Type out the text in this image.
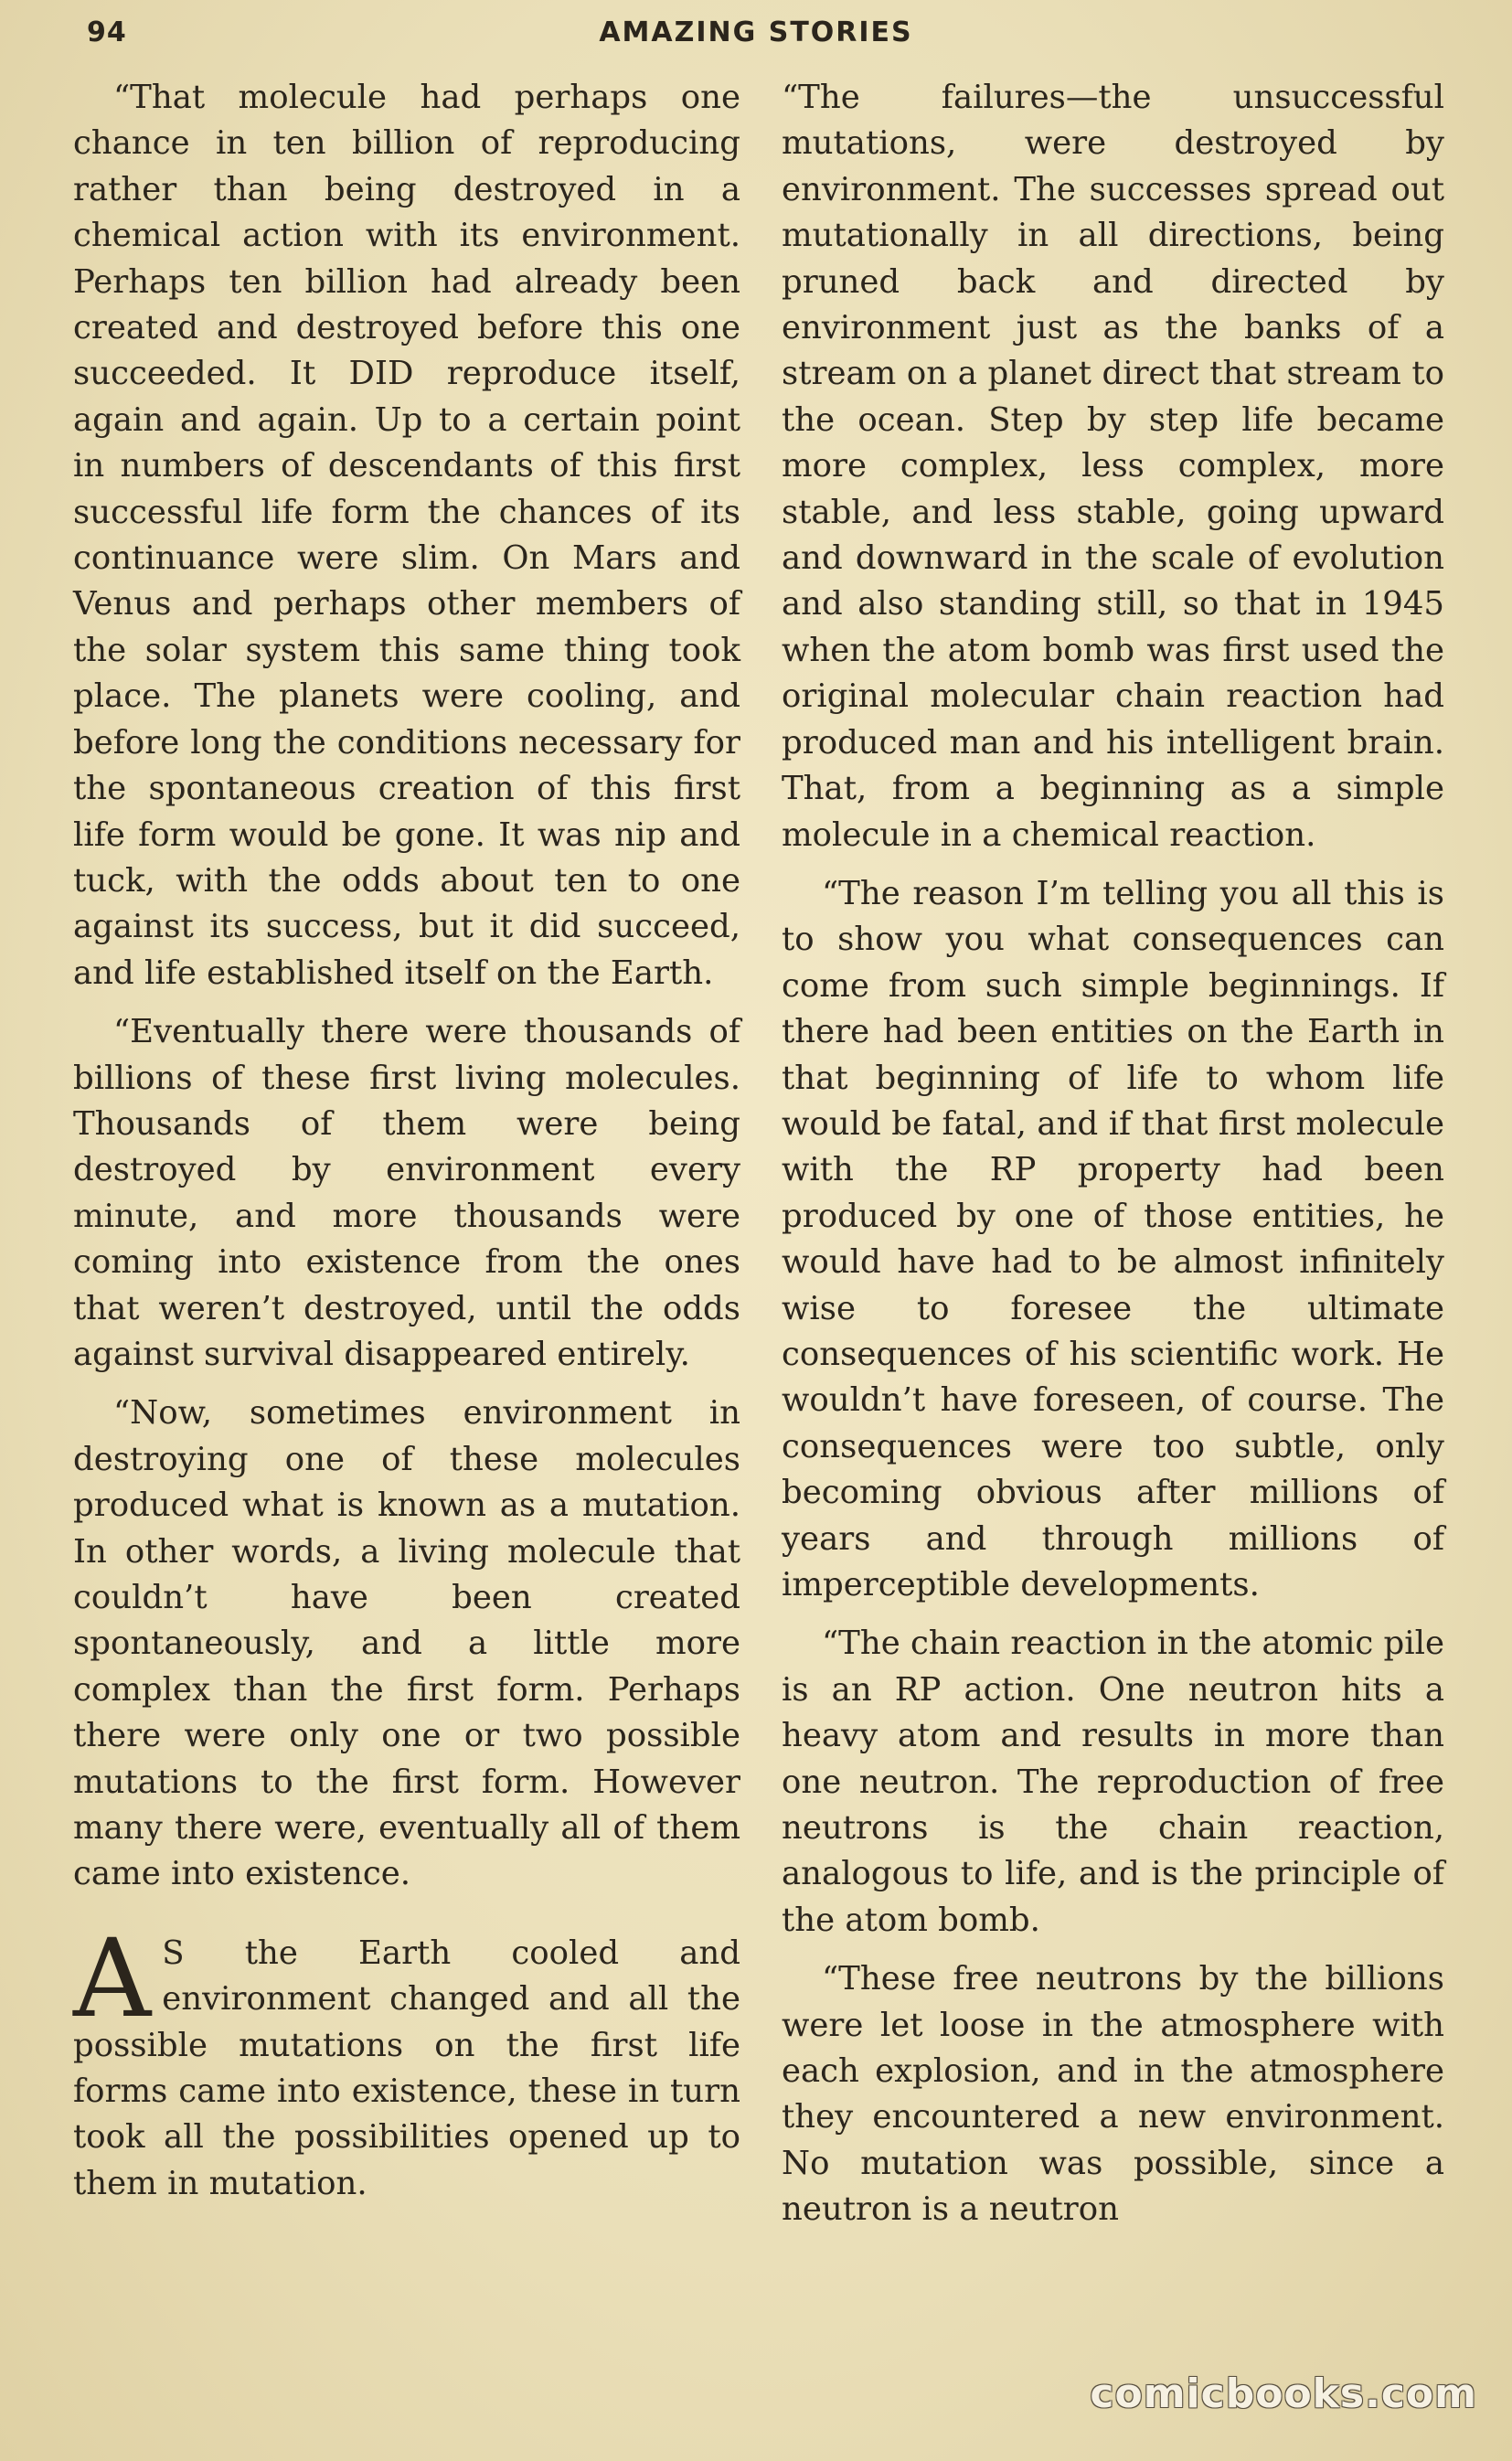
94	AMAZING STORIES

“That molecule had perhaps one chance in ten billion of reproducing rather than being destroyed in a chemical action with its environment. Perhaps ten billion had already been created and destroyed before this one succeeded. It DID reproduce itself, again and again. Up to a certain point in numbers of descendants of this first successful life form the chances of its continuance were slim. On Mars and Venus and perhaps other members of the solar system this same thing took place. The planets were cooling, and before long the conditions necessary for the spontaneous creation of this first life form would be gone. It was nip and tuck, with the odds about ten to one against its success, but it did succeed, and life established itself on the Earth.

“Eventually there were thousands of billions of these first living molecules. Thousands of them were being destroyed by environment every minute, and more thousands were coming into existence from the ones that weren’t destroyed, until the odds against survival disappeared entirely.

“Now, sometimes environment in destroying one of these molecules produced what is known as a mutation. In other words, a living molecule that couldn’t have been created spontaneously, and a little more complex than the first form. Perhaps there were only one or two possible mutations to the first form. However many there were, eventually all of them came into existence.

A S the Earth cooled and environment changed and all the possible mutations on the first life forms came into existence, these in turn took all the possibilities opened up to them in mutation.

“The failures—the unsuccessful mutations, were destroyed by environment. The successes spread out mutationally in all directions, being pruned back and directed by environment just as the banks of a stream on a planet direct that stream to the ocean. Step by step life became more complex, less complex, more stable, and less stable, going upward and downward in the scale of evolution and also standing still, so that in 1945 when the atom bomb was first used the original molecular chain reaction had produced man and his intelligent brain. That, from a beginning as a simple molecule in a chemical reaction.

“The reason I’m telling you all this is to show you what consequences can come from such simple beginnings. If there had been entities on the Earth in that beginning of life to whom life would be fatal, and if that first molecule with the RP property had been produced by one of those entities, he would have had to be almost infinitely wise to foresee the ultimate consequences of his scientific work. He wouldn’t have foreseen, of course. The consequences were too subtle, only becoming obvious after millions of years and through millions of imperceptible developments.

“The chain reaction in the atomic pile is an RP action. One neutron hits a heavy atom and results in more than one neutron. The reproduction of free neutrons is the chain reaction, analogous to life, and is the principle of the atom bomb.

“These free neutrons by the billions were let loose in the atmosphere with each explosion, and in the atmosphere they encountered a new environment. No mutation was possible, since a neutron is a neutron

comicbooks.com
